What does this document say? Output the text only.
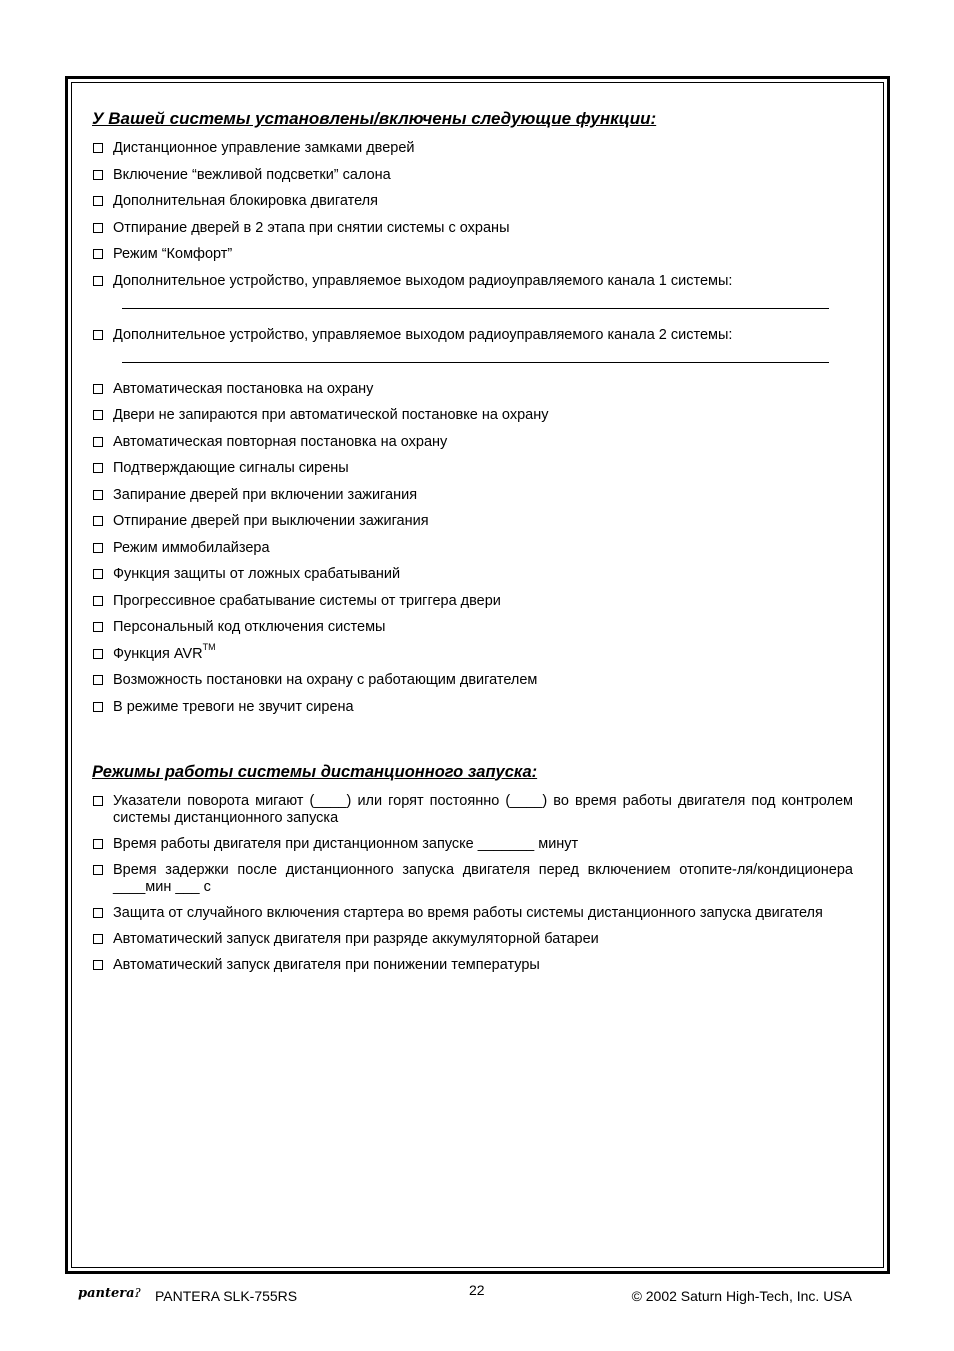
У Вашей системы установлены/включены следующие функции:
Дистанционное управление замками дверей
Включение “вежливой подсветки” салона
Дополнительная блокировка двигателя
Отпирание дверей в 2 этапа при снятии системы с охраны
Режим “Комфорт”
Дополнительное устройство, управляемое выходом радиоуправляемого канала 1 системы:
Дополнительное устройство, управляемое выходом радиоуправляемого канала 2 системы:
Автоматическая постановка на охрану
Двери не запираются при автоматической постановке на охрану
Автоматическая повторная постановка на охрану
Подтверждающие сигналы сирены
Запирание дверей при включении зажигания
Отпирание дверей при выключении зажигания
Режим иммобилайзера
Функция защиты от ложных срабатываний
Прогрессивное срабатывание системы от триггера двери
Персональный код отключения системы
Функция AVR™
Возможность постановки на охрану с работающим двигателем
В режиме тревоги не звучит сирена
Режимы работы системы дистанционного запуска:
Указатели поворота мигают (____) или горят постоянно (____) во время работы двигателя под контролем системы дистанционного запуска
Время работы двигателя при дистанционном запуске _______ минут
Время задержки после дистанционного запуска двигателя перед включением отопите-ля/кондиционера ____мин ___ с
Защита от случайного включения стартера во время работы системы дистанционного запуска двигателя
Автоматический запуск двигателя при разряде аккумуляторной батареи
Автоматический запуск двигателя при понижении температуры
panteraʔ PANTERA SLK-755RS	22	© 2002 Saturn High-Tech, Inc. USA
